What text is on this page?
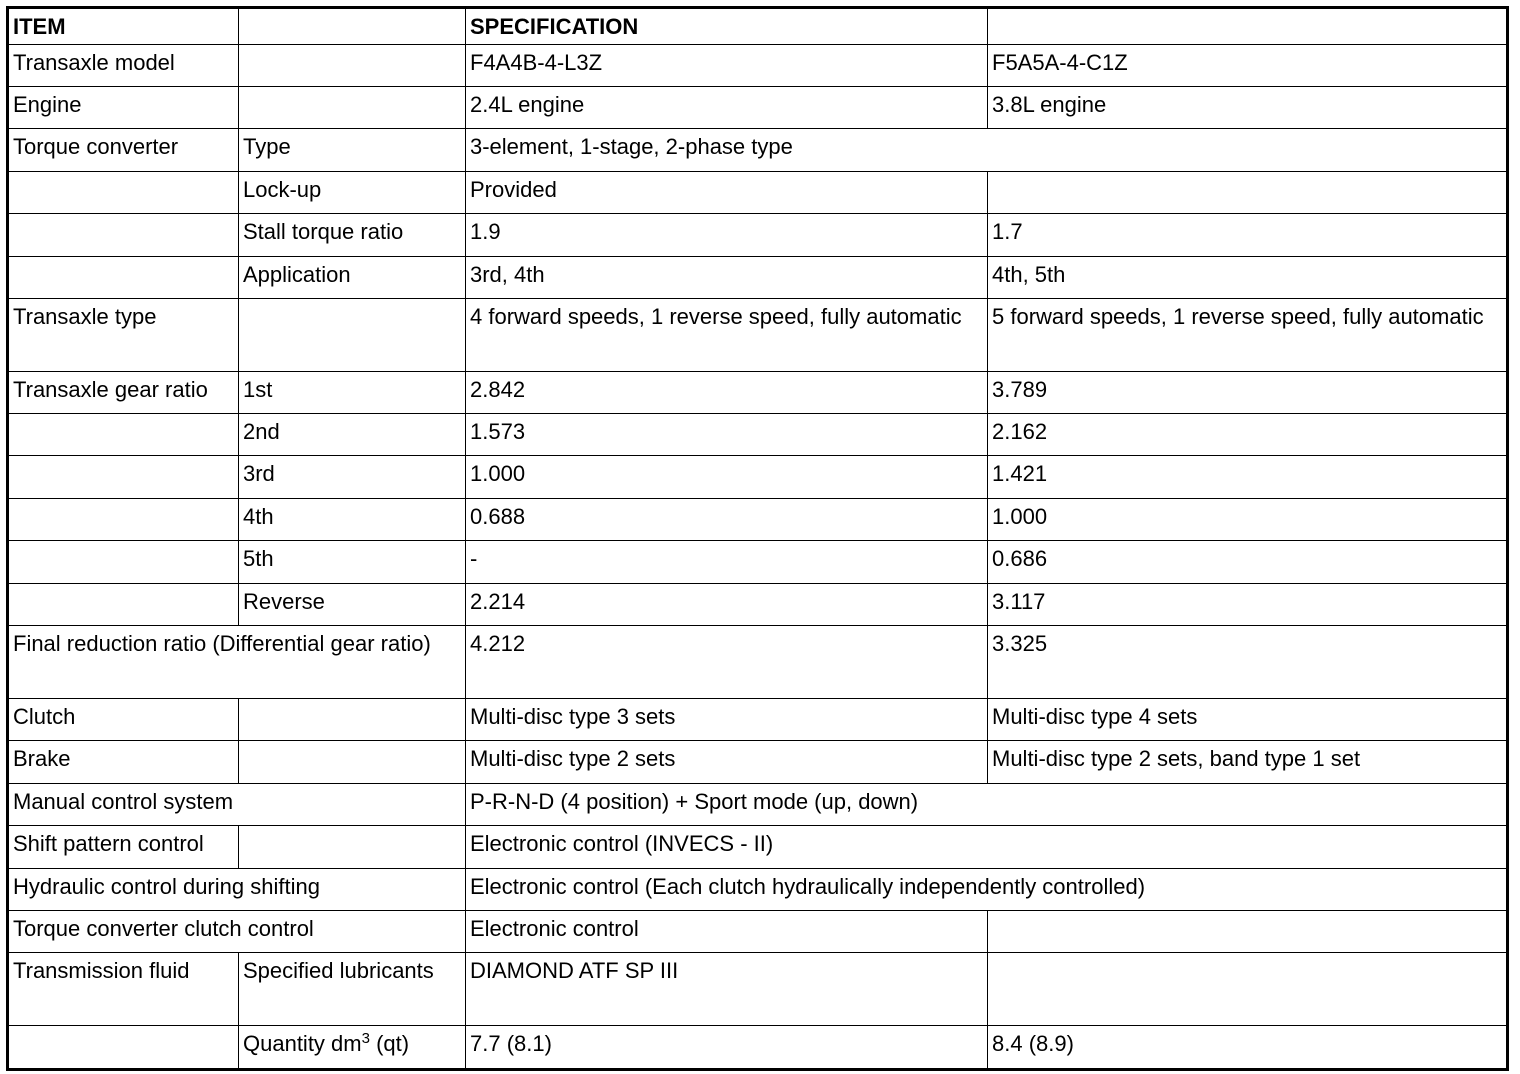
ITEM		SPECIFICATION	
Transaxle model		F4A4B-4-L3Z	F5A5A-4-C1Z
Engine		2.4L engine	3.8L engine
Torque converter	Type	3-element, 1-stage, 2-phase type	
	Lock-up	Provided	
	Stall torque ratio	1.9	1.7
	Application	3rd, 4th	4th, 5th
Transaxle type		4 forward speeds, 1 reverse speed, fully automatic	5 forward speeds, 1 reverse speed, fully automatic
Transaxle gear ratio	1st	2.842	3.789
	2nd	1.573	2.162
	3rd	1.000	1.421
	4th	0.688	1.000
	5th	-	0.686
	Reverse	2.214	3.117
Final reduction ratio (Differential gear ratio)		4.212	3.325
Clutch		Multi-disc type 3 sets	Multi-disc type 4 sets
Brake		Multi-disc type 2 sets	Multi-disc type 2 sets, band type 1 set
Manual control system		P-R-N-D (4 position) + Sport mode (up, down)	
Shift pattern control		Electronic control (INVECS - II)	
Hydraulic control during shifting		Electronic control (Each clutch hydraulically independently controlled)	
Torque converter clutch control		Electronic control	
Transmission fluid	Specified lubricants	DIAMOND ATF SP III	
	Quantity $dm^3$ (qt)	7.7 (8.1)	8.4 (8.9)
